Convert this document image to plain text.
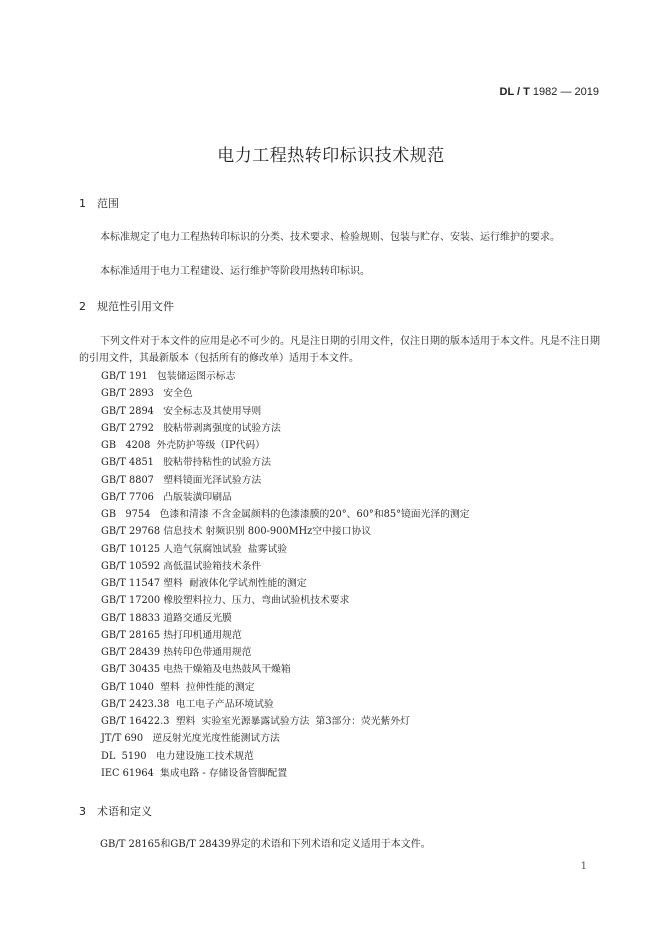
DL / T 1982 — 2019
电力工程热转印标识技术规范
1 范围
本标准规定了电力工程热转印标识的分类、技术要求、检验规则、包装与贮存、安装、运行维护的要求。
本标准适用于电力工程建设、运行维护等阶段用热转印标识。
2 规范性引用文件
下列文件对于本文件的应用是必不可少的。凡是注日期的引用文件，仅注日期的版本适用于本文件。凡是不注日期的引用文件，其最新版本（包括所有的修改单）适用于本文件。
GB/T 191   包装储运图示标志
GB/T 2893   安全色
GB/T 2894   安全标志及其使用导则
GB/T 2792   胶粘带剥离强度的试验方法
GB   4208  外壳防护等级（IP代码）
GB/T 4851   胶粘带持粘性的试验方法
GB/T 8807   塑料镜面光泽试验方法
GB/T 7706   凸版装潢印刷品
GB   9754   色漆和清漆 不含金属颜料的色漆漆膜的20°、60°和85°镜面光泽的测定
GB/T 29768 信息技术 射频识别 800-900MHz空中接口协议
GB/T 10125 人造气氛腐蚀试验  盐雾试验
GB/T 10592 高低温试验箱技术条件
GB/T 11547 塑料  耐液体化学试剂性能的测定
GB/T 17200 橡胶塑料拉力、压力、弯曲试验机技术要求
GB/T 18833 道路交通反光膜
GB/T 28165 热打印机通用规范
GB/T 28439 热转印色带通用规范
GB/T 30435 电热干燥箱及电热鼓风干燥箱
GB/T 1040  塑料  拉伸性能的测定
GB/T 2423.38  电工电子产品环境试验
GB/T 16422.3  塑料  实验室光源暴露试验方法  第3部分：荧光紫外灯
JT/T 690   逆反射光度光度性能测试方法
DL  5190   电力建设施工技术规范
IEC 61964  集成电路 - 存储设备管脚配置
3 术语和定义
GB/T 28165和GB/T 28439界定的术语和下列术语和定义适用于本文件。
1
